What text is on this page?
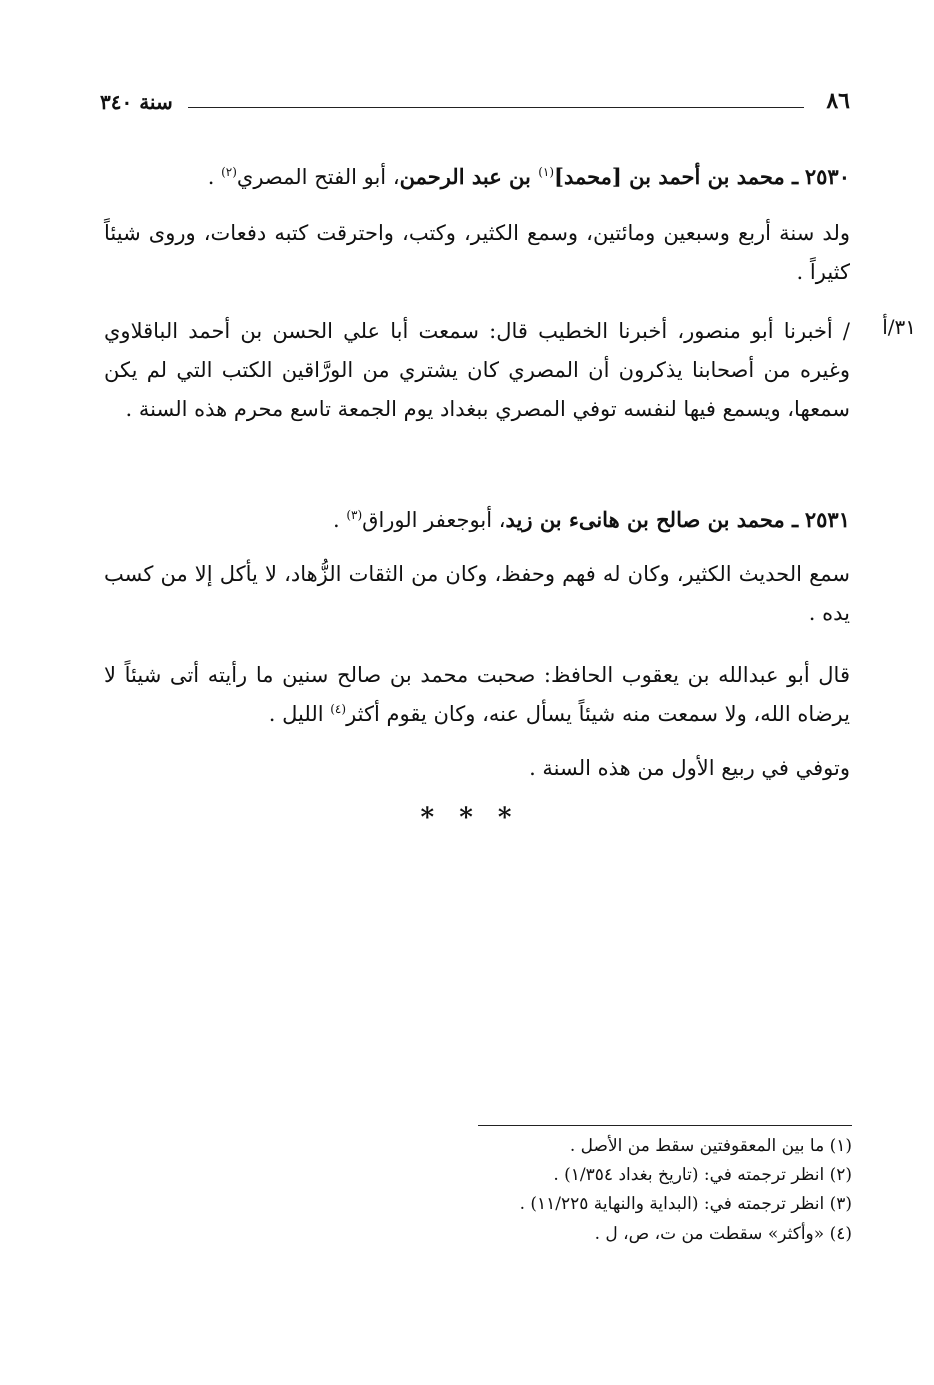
٨٦
سنة ٣٤٠
٢٥٣٠ ـ محمد بن أحمد بن [محمد]$^{(١)}$ بن عبد الرحمن، أبو الفتح المصري$^{(٢)}$ .
ولد سنة أربع وسبعين ومائتين، وسمع الكثير، وكتب، واحترقت كتبه دفعات، وروى شيئاً كثيراً .
٣١/أ
/ أخبرنا أبو منصور، أخبرنا الخطيب قال: سمعت أبا علي الحسن بن أحمد الباقلاوي وغيره من أصحابنا يذكرون أن المصري كان يشتري من الورَّاقين الكتب التي لم يكن سمعها، ويسمع فيها لنفسه توفي المصري ببغداد يوم الجمعة تاسع محرم هذه السنة .
٢٥٣١ ـ محمد بن صالح بن هانىء بن زيد، أبوجعفر الوراق$^{(٣)}$ .
سمع الحديث الكثير، وكان له فهم وحفظ، وكان من الثقات الزُّهاد، لا يأكل إلا من كسب يده .
قال أبو عبدالله بن يعقوب الحافظ: صحبت محمد بن صالح سنين ما رأيته أتى شيئاً لا يرضاه الله، ولا سمعت منه شيئاً يسأل عنه، وكان يقوم أكثر$^{(٤)}$ الليل .
وتوفي في ربيع الأول من هذه السنة .
* * *
(١) ما بين المعقوفتين سقط من الأصل .
(٢) انظر ترجمته في: (تاريخ بغداد ١/٣٥٤) .
(٣) انظر ترجمته في: (البداية والنهاية ١١/٢٢٥) .
(٤) «وأكثر» سقطت من ت، ص، ل .
